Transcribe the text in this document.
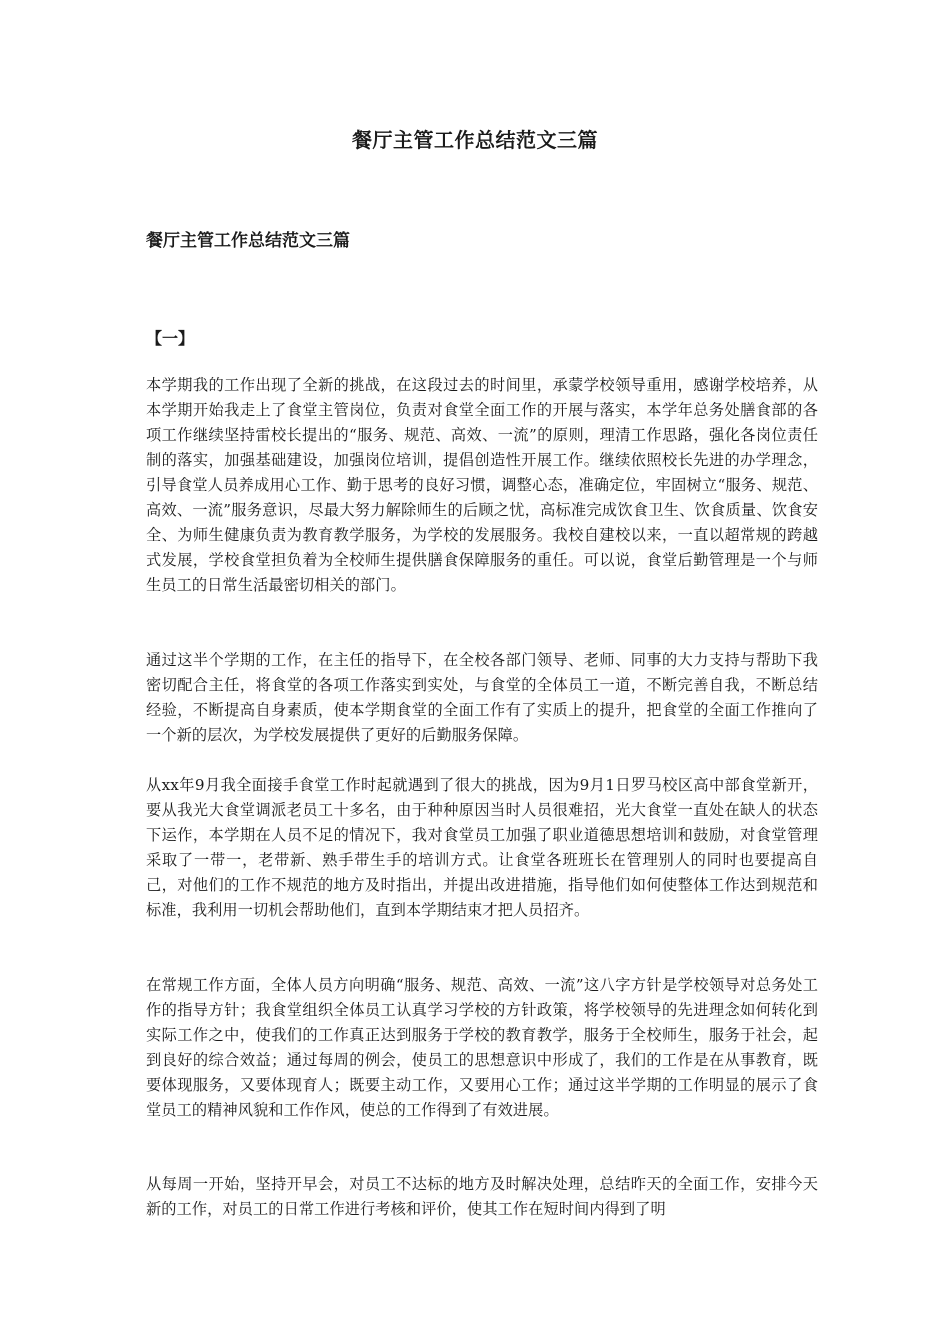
餐厅主管工作总结范文三篇
餐厅主管工作总结范文三篇
【一】

本学期我的工作出现了全新的挑战，在这段过去的时间里，承蒙学校领导重用，感谢学校培养，从本学期开始我走上了食堂主管岗位，负责对食堂全面工作的开展与落实，本学年总务处膳食部的各项工作继续坚持雷校长提出的“服务、规范、高效、一流”的原则，理清工作思路，强化各岗位责任制的落实，加强基础建设，加强岗位培训，提倡创造性开展工作。继续依照校长先进的办学理念，引导食堂人员养成用心工作、勤于思考的良好习惯，调整心态，准确定位，牢固树立“服务、规范、高效、一流”服务意识，尽最大努力解除师生的后顾之忧，高标准完成饮食卫生、饮食质量、饮食安全、为师生健康负责为教育教学服务，为学校的发展服务。我校自建校以来，一直以超常规的跨越式发展，学校食堂担负着为全校师生提供膳食保障服务的重任。可以说，食堂后勤管理是一个与师生员工的日常生活最密切相关的部门。

通过这半个学期的工作，在主任的指导下，在全校各部门领导、老师、同事的大力支持与帮助下我密切配合主任，将食堂的各项工作落实到实处，与食堂的全体员工一道，不断完善自我，不断总结经验，不断提高自身素质，使本学期食堂的全面工作有了实质上的提升，把食堂的全面工作推向了一个新的层次，为学校发展提供了更好的后勤服务保障。

从xx年9月我全面接手食堂工作时起就遇到了很大的挑战，因为9月1日罗马校区高中部食堂新开，要从我光大食堂调派老员工十多名，由于种种原因当时人员很难招，光大食堂一直处在缺人的状态下运作，本学期在人员不足的情况下，我对食堂员工加强了职业道德思想培训和鼓励，对食堂管理采取了一带一，老带新、熟手带生手的培训方式。让食堂各班班长在管理别人的同时也要提高自己，对他们的工作不规范的地方及时指出，并提出改进措施，指导他们如何使整体工作达到规范和标准，我利用一切机会帮助他们，直到本学期结束才把人员招齐。

在常规工作方面，全体人员方向明确“服务、规范、高效、一流”这八字方针是学校领导对总务处工作的指导方针；我食堂组织全体员工认真学习学校的方针政策，将学校领导的先进理念如何转化到实际工作之中，使我们的工作真正达到服务于学校的教育教学，服务于全校师生，服务于社会，起到良好的综合效益；通过每周的例会，使员工的思想意识中形成了，我们的工作是在从事教育，既要体现服务，又要体现育人；既要主动工作，又要用心工作；通过这半学期的工作明显的展示了食堂员工的精神风貌和工作作风，使总的工作得到了有效进展。

从每周一开始，坚持开早会，对员工不达标的地方及时解决处理，总结昨天的全面工作，安排今天新的工作，对员工的日常工作进行考核和评价，使其工作在短时间内得到了明
